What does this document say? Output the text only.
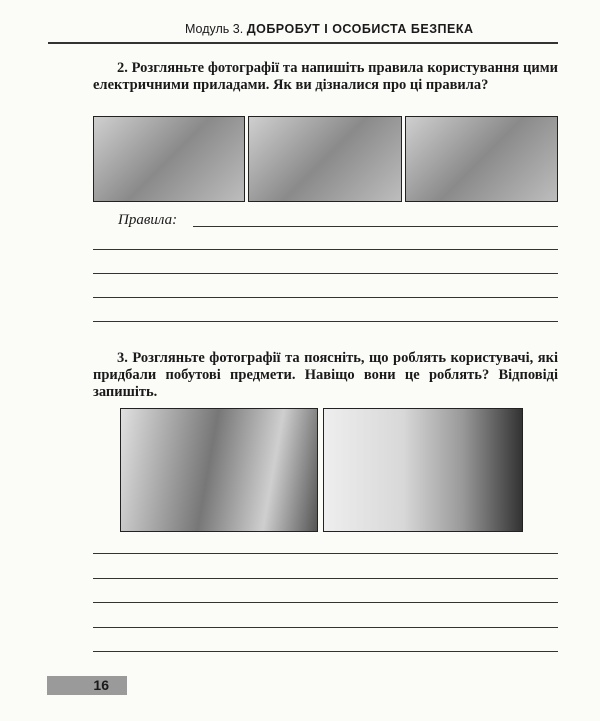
Модуль 3. ДОБРОБУТ І ОСОБИСТА БЕЗПЕКА
2. Розгляньте фотографії та напишіть правила користування цими електричними приладами. Як ви дізналися про ці правила?
Правила:
3. Розгляньте фотографії та поясніть, що роблять користувачі, які придбали побутові предмети. Навіщо вони це роблять? Відповіді запишіть.
16
